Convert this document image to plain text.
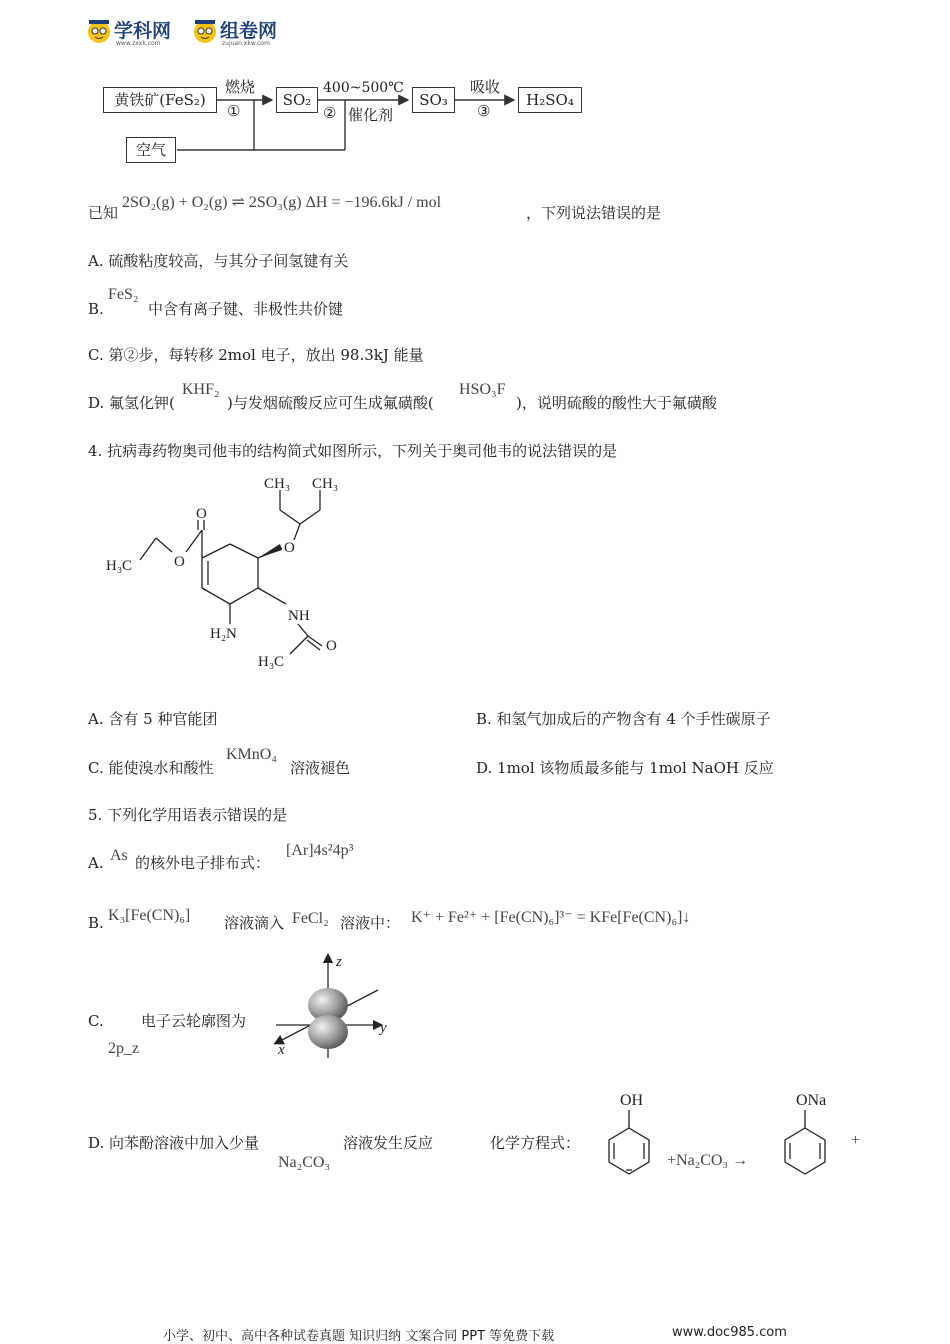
学科网
www.zxxk.com
组卷网
zujuan.xkw.com
黄铁矿(FeS₂)
燃烧
①
SO₂
400~500℃
② 催化剂
SO₃
吸收
③
H₂SO₄
空气
已知
2SO₂(g) + O₂(g) ⇌ 2SO₃(g) ΔH = −196.6kJ / mol
，下列说法错误的是
A. 硫酸粘度较高，与其分子间氢键有关
B.
FeS₂
中含有离子键、非极性共价键
C. 第②步，每转移 2mol 电子，放出 98.3kJ 能量
D. 氟氢化钾(
KHF₂
)与发烟硫酸反应可生成氟磺酸(
HSO₃F
)，说明硫酸的酸性大于氟磺酸
4. 抗病毒药物奥司他韦的结构简式如图所示，下列关于奥司他韦的说法错误的是
CH₃ CH₃
O
O
O
H₃C
NH
H₂N
O
H₃C
A. 含有 5 种官能团	B. 和氢气加成后的产物含有 4 个手性碳原子
C. 能使溴水和酸性
KMnO₄
溶液褪色	D. 1mol 该物质最多能与 1mol NaOH 反应
5. 下列化学用语表示错误的是
A. As 的核外电子排布式：
[Ar]4s²4p³
B. K₃[Fe(CN)₆] 溶液滴入 FeCl₂ 溶液中： K⁺ + Fe²⁺ + [Fe(CN)₆]³⁻ = KFe[Fe(CN)₆]↓
C. 电子云轮廓图为
2p_z
z
y
x
D. 向苯酚溶液中加入少量
Na₂CO₃
溶液发生反应	化学方程式：
OH
+Na₂CO₃ →
ONa
+
小学、初中、高中各种试卷真题 知识归纳 文案合同 PPT 等免费下载	www.doc985.com
